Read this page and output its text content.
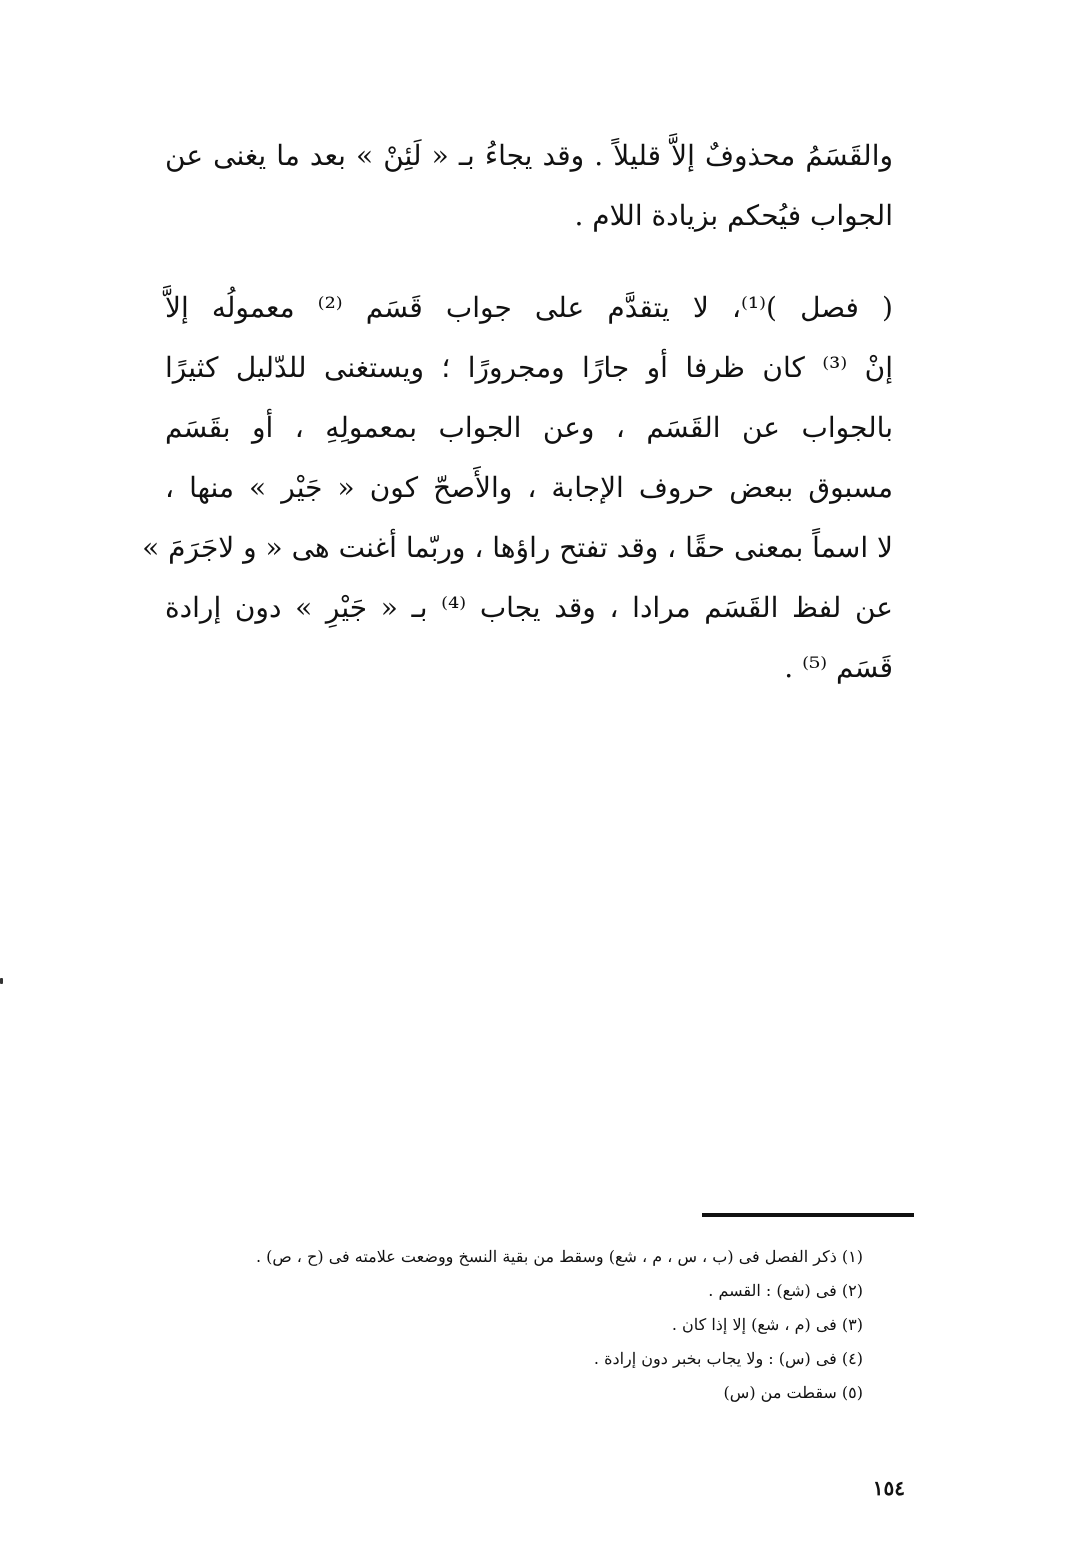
والقَسَمُ محذوفٌ إلاَّ قليلاً . وقد يجاءُ بـ « لَئِنْ » بعد ما يغنى عن
الجواب فيُحكم بزيادة اللام .
( فصل )⁽¹⁾، لا يتقدَّم على جواب قَسَم ⁽²⁾ معمولُه إلاَّ
إنْ ⁽³⁾ كان ظرفا أو جارًا ومجرورًا ؛ ويستغنى للدّليل كثيرًا
بالجواب عن القَسَم ، وعن الجواب بمعمولِهِ ، أو بقَسَم
مسبوق ببعض حروف الإجابة ، والأَصحّ كون « جَيْر » منها ،
لا اسماً بمعنى حقًا ، وقد تفتح راؤها ، وربّما أغنت هى « و لاجَرَمَ »
عن لفظ القَسَم مرادا ، وقد يجاب ⁽⁴⁾ بـ « جَيْرِ » دون إرادة
قَسَم ⁽⁵⁾ .
(١) ذكر الفصل فى (ب ، س ، م ، شع) وسقط من بقية النسخ ووضعت علامته فى (ح ، ص) .
(٢) فى (شع) : القسم .
(٣) فى (م ، شع) إلا إذا كان .
(٤) فى (س) : ولا يجاب بخبر دون إرادة .
(٥) سقطت من (س)
١٥٤
